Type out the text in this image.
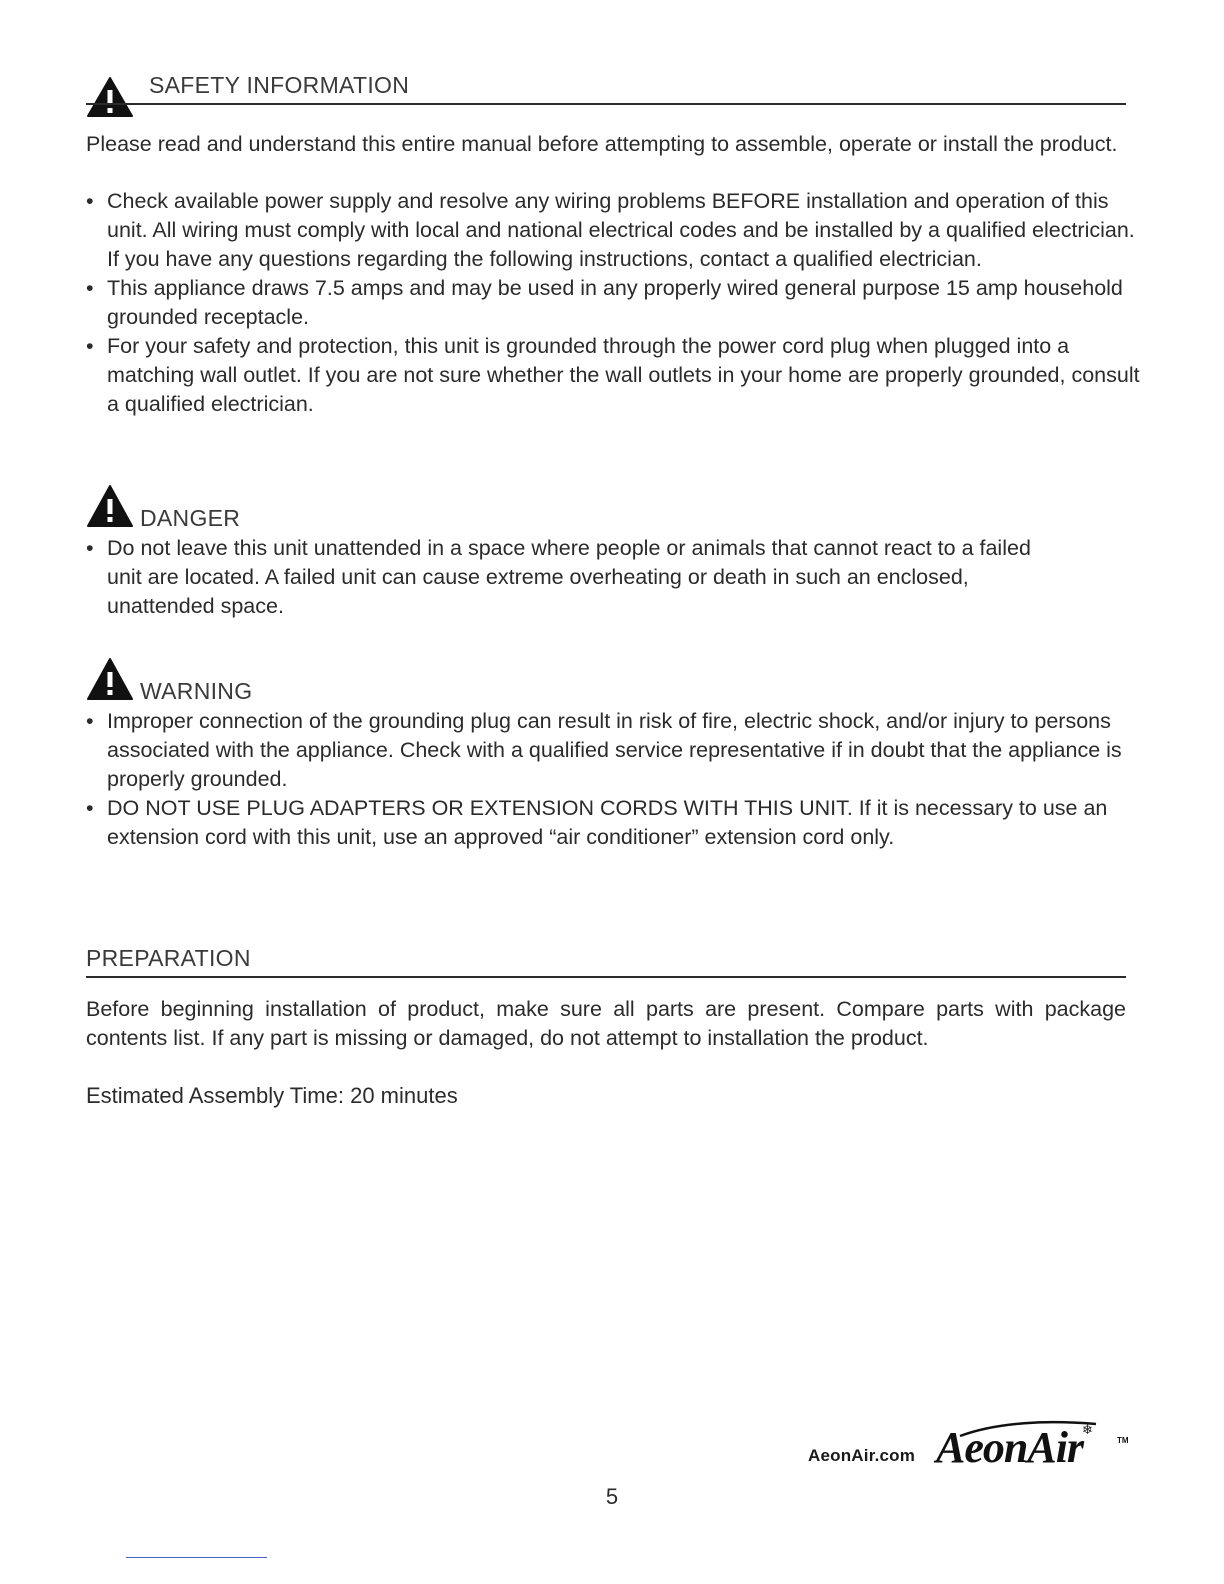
SAFETY INFORMATION

Please read and understand this entire manual before attempting to assemble, operate or install the product.

• Check available power supply and resolve any wiring problems BEFORE installation and operation of this unit. All wiring must comply with local and national electrical codes and be installed by a qualified electrician. If you have any questions regarding the following instructions, contact a qualified electrician.
• This appliance draws 7.5 amps and may be used in any properly wired general purpose 15 amp household grounded receptacle.
• For your safety and protection, this unit is grounded through the power cord plug when plugged into a matching wall outlet. If you are not sure whether the wall outlets in your home are properly grounded, consult a qualified electrician.
DANGER
• Do not leave this unit unattended in a space where people or animals that cannot react to a failed unit are located. A failed unit can cause extreme overheating or death in such an enclosed, unattended space.
WARNING
• Improper connection of the grounding plug can result in risk of fire, electric shock, and/or injury to persons associated with the appliance. Check with a qualified service representative if in doubt that the appliance is properly grounded.
• DO NOT USE PLUG ADAPTERS OR EXTENSION CORDS WITH THIS UNIT. If it is necessary to use an extension cord with this unit, use an approved “air conditioner” extension cord only.
PREPARATION

Before beginning installation of product, make sure all parts are present. Compare parts with package contents list. If any part is missing or damaged, do not attempt to installation the product.

Estimated Assembly Time: 20 minutes

AeonAir.com
❄
AeonAir	TM
5
